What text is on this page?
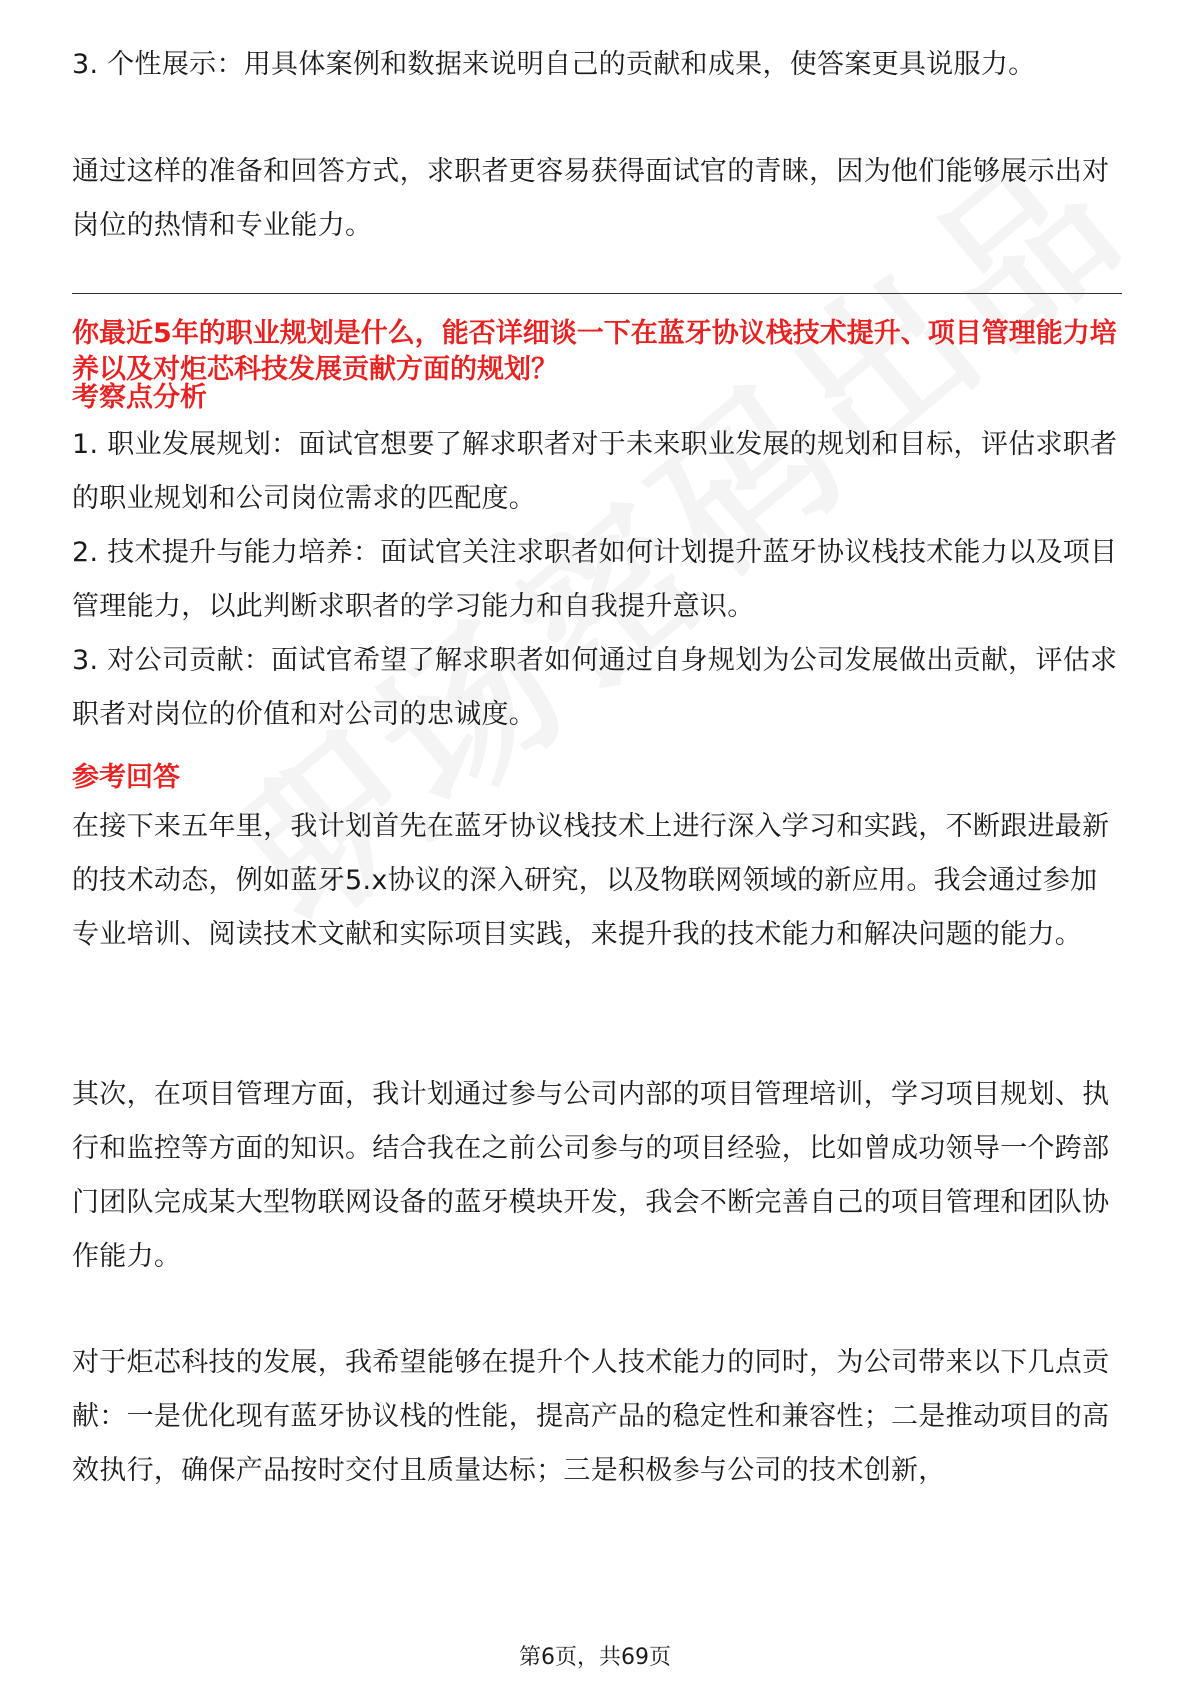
3. 个性展示：用具体案例和数据来说明自己的贡献和成果，使答案更具说服力。

通过这样的准备和回答方式，求职者更容易获得面试官的青睐，因为他们能够展示出对岗位的热情和专业能力。

你最近5年的职业规划是什么，能否详细谈一下在蓝牙协议栈技术提升、项目管理能力培养以及对炬芯科技发展贡献方面的规划？

考察点分析

1. 职业发展规划：面试官想要了解求职者对于未来职业发展的规划和目标，评估求职者的职业规划和公司岗位需求的匹配度。

2. 技术提升与能力培养：面试官关注求职者如何计划提升蓝牙协议栈技术能力以及项目管理能力，以此判断求职者的学习能力和自我提升意识。

3. 对公司贡献：面试官希望了解求职者如何通过自身规划为公司发展做出贡献，评估求职者对岗位的价值和对公司的忠诚度。

参考回答

在接下来五年里，我计划首先在蓝牙协议栈技术上进行深入学习和实践，不断跟进最新的技术动态，例如蓝牙5.x协议的深入研究，以及物联网领域的新应用。我会通过参加专业培训、阅读技术文献和实际项目实践，来提升我的技术能力和解决问题的能力。

其次，在项目管理方面，我计划通过参与公司内部的项目管理培训，学习项目规划、执行和监控等方面的知识。结合我在之前公司参与的项目经验，比如曾成功领导一个跨部门团队完成某大型物联网设备的蓝牙模块开发，我会不断完善自己的项目管理和团队协作能力。

对于炬芯科技的发展，我希望能够在提升个人技术能力的同时，为公司带来以下几点贡献：一是优化现有蓝牙协议栈的性能，提高产品的稳定性和兼容性；二是推动项目的高效执行，确保产品按时交付且质量达标；三是积极参与公司的技术创新，

第6页，共69页
